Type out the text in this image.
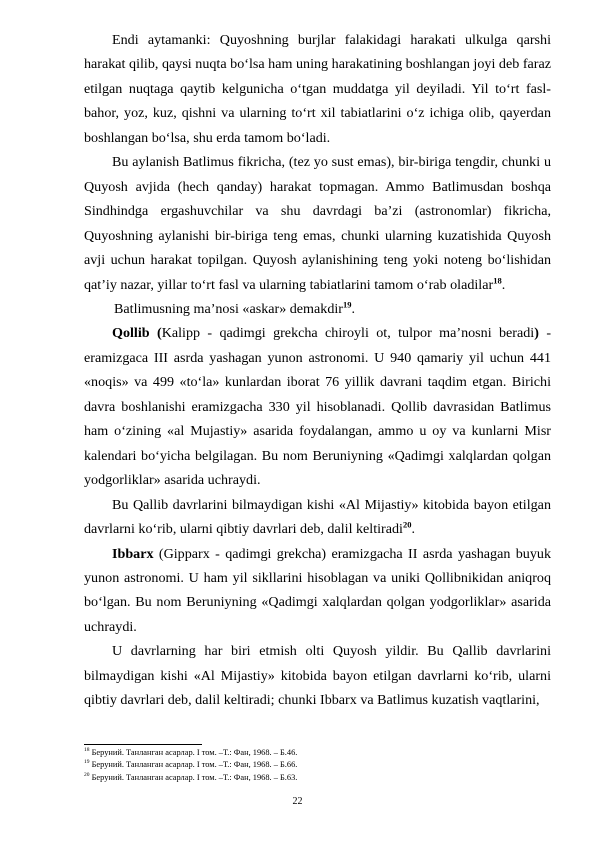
Endi aytamanki: Quyoshning burjlar falakidagi harakati ulkulga qarshi harakat qilib, qaysi nuqta bo‘lsa ham uning harakatining boshlangan joyi deb faraz etilgan nuqtaga qaytib kelgunicha o‘tgan muddatga yil deyiladi. Yil to‘rt fasl-bahor, yoz, kuz, qishni va ularning to‘rt xil tabiatlarini o‘z ichiga olib, qayerdan boshlangan bo‘lsa, shu erda tamom bo‘ladi.

Bu aylanish Batlimus fikricha, (tez yo sust emas), bir-biriga tengdir, chunki u Quyosh avjida (hech qanday) harakat topmagan. Ammo Batlimusdan boshqa Sindhindga ergashuvchilar va shu davrdagi ba’zi (astronomlar) fikricha, Quyoshning aylanishi bir-biriga teng emas, chunki ularning kuzatishida Quyosh avji uchun harakat topilgan. Quyosh aylanishining teng yoki noteng bo‘lishidan qat’iy nazar, yillar to‘rt fasl va ularning tabiatlarini tamom o‘rab oladilar$^{18}$.

Batlimusning ma’nosi «askar» demakdir$^{19}$.

Qollib (Kalipp - qadimgi grekcha chiroyli ot, tulpor ma’nosni beradi) - eramizgaca III asrda yashagan yunon astronomi. U 940 qamariy yil uchun 441 «noqis» va 499 «to‘la» kunlardan iborat 76 yillik davrani taqdim etgan. Birichi davra boshlanishi eramizgacha 330 yil hisoblanadi. Qollib davrasidan Batlimus ham o‘zining «al Mujastiy» asarida foydalangan, ammo u oy va kunlarni Misr kalendari bo‘yicha belgilagan. Bu nom Beruniyning «Qadimgi xalqlardan qolgan yodgorliklar» asarida uchraydi.

Bu Qallib davrlarini bilmaydigan kishi «Al Mijastiy» kitobida bayon etilgan davrlarni ko‘rib, ularni qibtiy davrlari deb, dalil keltiradi$^{20}$.

Ibbarx (Gipparx - qadimgi grekcha) eramizgacha II asrda yashagan buyuk yunon astronomi. U ham yil sikllarini hisoblagan va uniki Qollibnikidan aniqroq bo‘lgan. Bu nom Beruniyning «Qadimgi xalqlardan qolgan yodgorliklar» asarida uchraydi.

U davrlarning har biri etmish olti Quyosh yildir. Bu Qallib davrlarini bilmaydigan kishi «Al Mijastiy» kitobida bayon etilgan davrlarni ko‘rib, ularni qibtiy davrlari deb, dalil keltiradi; chunki Ibbarx va Batlimus kuzatish vaqtlarini,

$^{18}$ Беруний. Танланган асарлар. I том. –Т.: Фан, 1968. – Б.46.

$^{19}$ Беруний. Танланган асарлар. I том. –Т.: Фан, 1968. – Б.66.

$^{20}$ Беруний. Танланган асарлар. I том. –Т.: Фан, 1968. – Б.63.

22
